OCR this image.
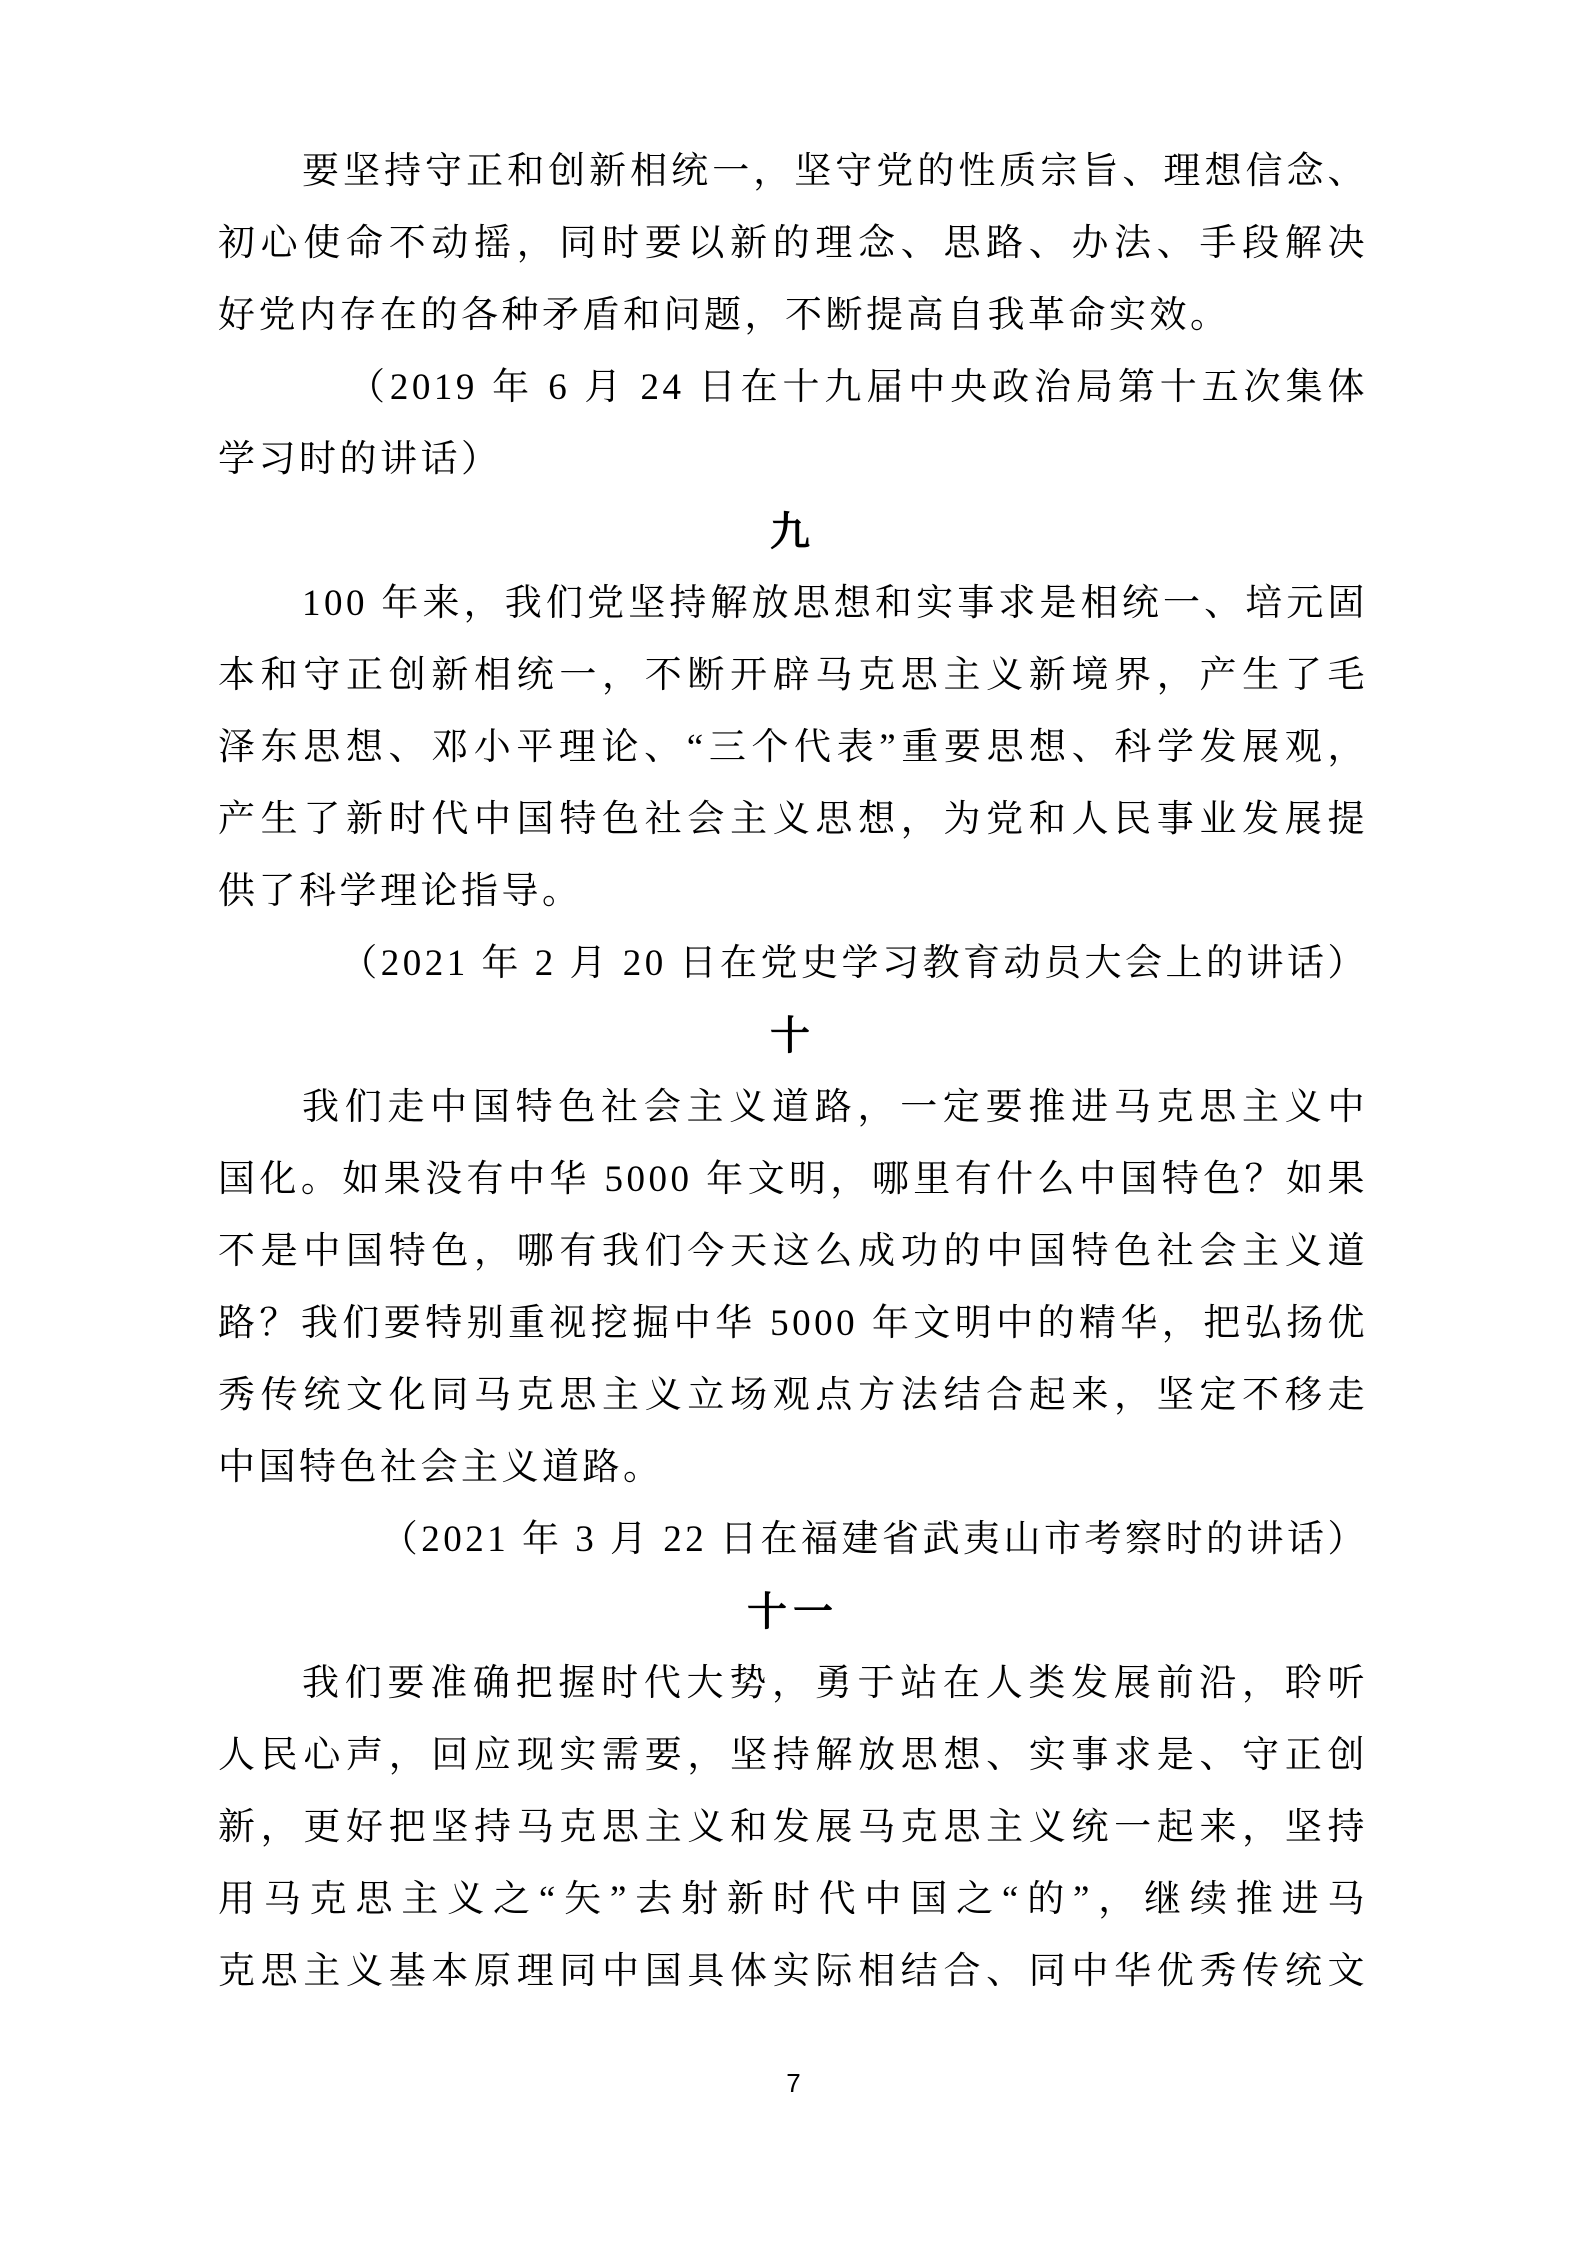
要坚持守正和创新相统一，坚守党的性质宗旨、理想信念、
初心使命不动摇，同时要以新的理念、思路、办法、手段解决
好党内存在的各种矛盾和问题，不断提高自我革命实效。
（2019 年 6 月 24 日在十九届中央政治局第十五次集体
学习时的讲话）
九
100 年来，我们党坚持解放思想和实事求是相统一、培元固
本和守正创新相统一，不断开辟马克思主义新境界，产生了毛
泽东思想、邓小平理论、“三个代表”重要思想、科学发展观，
产生了新时代中国特色社会主义思想，为党和人民事业发展提
供了科学理论指导。
（2021 年 2 月 20 日在党史学习教育动员大会上的讲话）
十
我们走中国特色社会主义道路，一定要推进马克思主义中
国化。如果没有中华 5000 年文明，哪里有什么中国特色？如果
不是中国特色，哪有我们今天这么成功的中国特色社会主义道
路？我们要特别重视挖掘中华 5000 年文明中的精华，把弘扬优
秀传统文化同马克思主义立场观点方法结合起来，坚定不移走
中国特色社会主义道路。
（2021 年 3 月 22 日在福建省武夷山市考察时的讲话）
十一
我们要准确把握时代大势，勇于站在人类发展前沿，聆听
人民心声，回应现实需要，坚持解放思想、实事求是、守正创
新，更好把坚持马克思主义和发展马克思主义统一起来，坚持
用马克思主义之“矢”去射新时代中国之“的”，继续推进马
克思主义基本原理同中国具体实际相结合、同中华优秀传统文
7
